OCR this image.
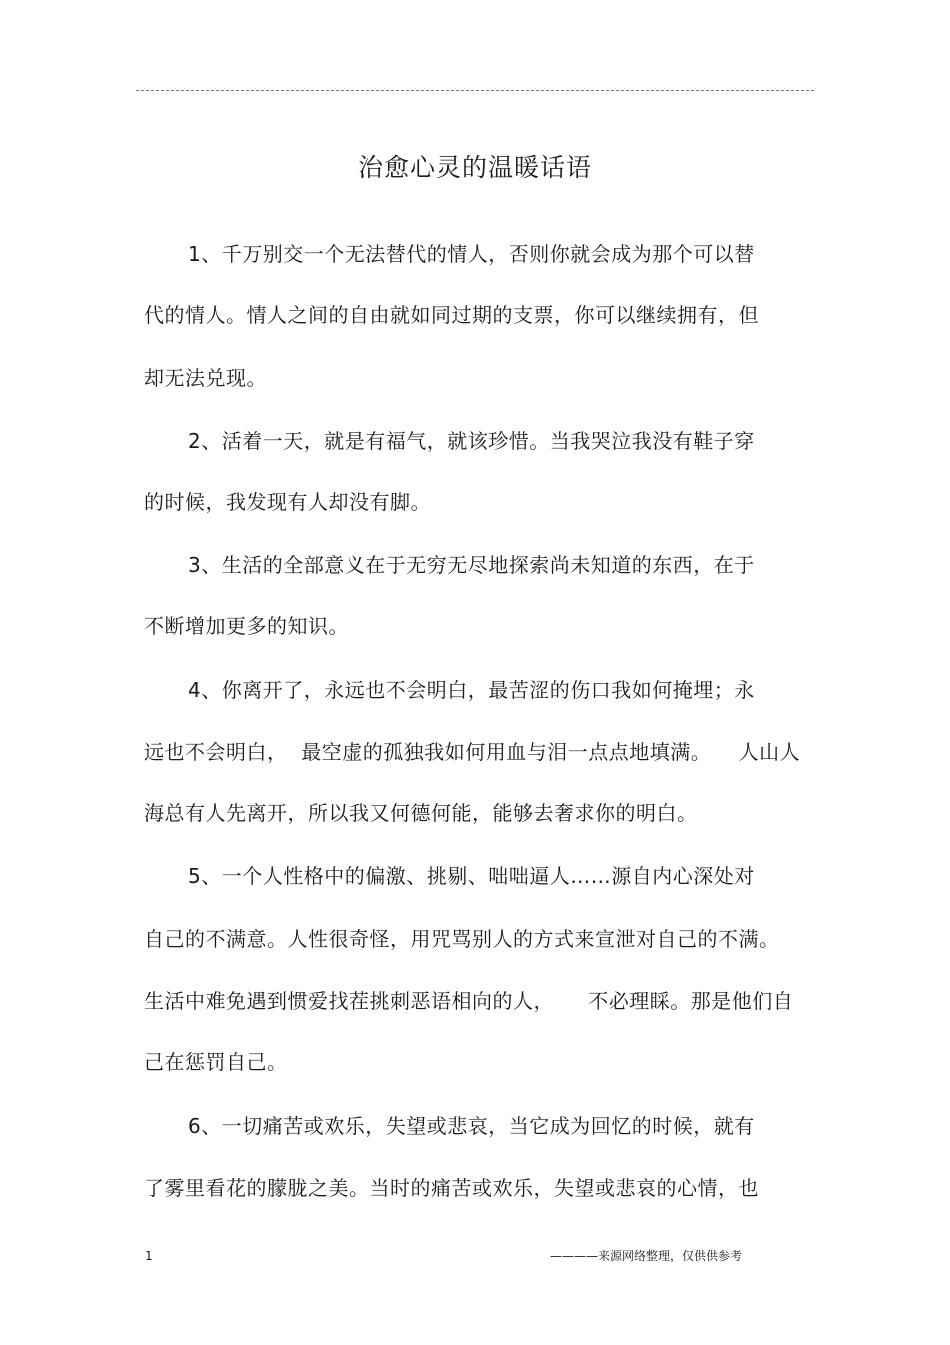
治愈心灵的温暖话语
1、千万别交一个无法替代的情人，否则你就会成为那个可以替
代的情人。情人之间的自由就如同过期的支票，你可以继续拥有，但
却无法兑现。
2、活着一天，就是有福气，就该珍惜。当我哭泣我没有鞋子穿
的时候，我发现有人却没有脚。
3、生活的全部意义在于无穷无尽地探索尚未知道的东西，在于
不断增加更多的知识。
4、你离开了，永远也不会明白，最苦涩的伤口我如何掩埋；永
远也不会明白，  最空虚的孤独我如何用血与泪一点点地填满。    人山人
海总有人先离开，所以我又何德何能，能够去奢求你的明白。
5、一个人性格中的偏激、挑剔、咄咄逼人……源自内心深处对
自己的不满意。人性很奇怪，用咒骂别人的方式来宣泄对自己的不满。
生活中难免遇到惯爱找茬挑刺恶语相向的人，     不必理睬。那是他们自
己在惩罚自己。
6、一切痛苦或欢乐，失望或悲哀，当它成为回忆的时候，就有
了雾里看花的朦胧之美。当时的痛苦或欢乐，失望或悲哀的心情，也
1	————来源网络整理，仅供供参考
